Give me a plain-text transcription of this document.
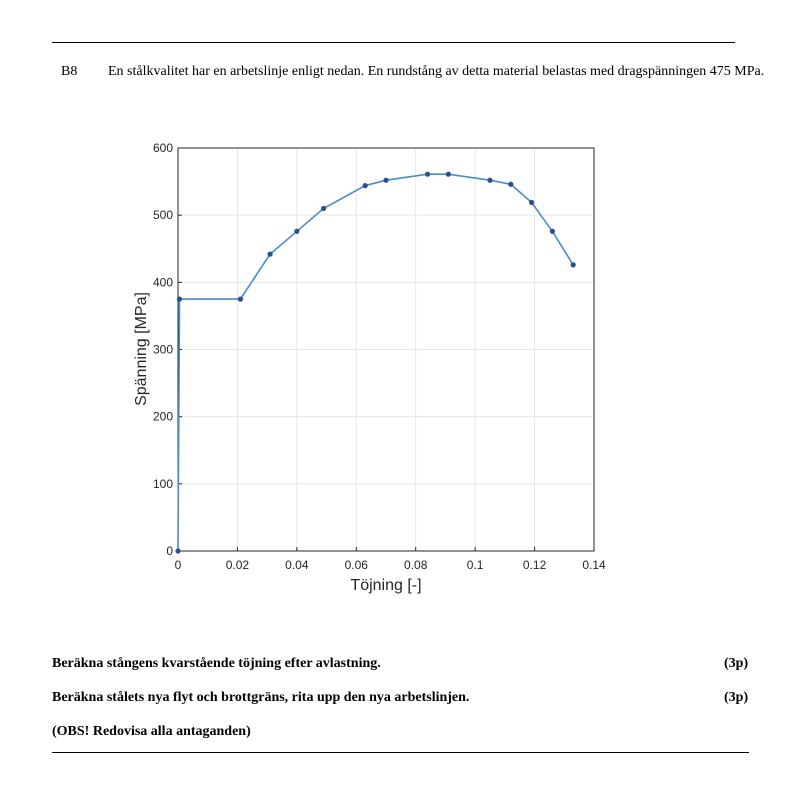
B8 En stålkvalitet har en arbetslinje enligt nedan. En rundstång av detta material belastas med dragspänningen 475 MPa.
0	0.02	0.04	0.06	0.08	0.1	0.12	0.14
0
100
200
300
400
500
600
Töjning [-]
Spänning [MPa]
Beräkna stångens kvarstående töjning efter avlastning.	(3p)
Beräkna stålets nya flyt och brottgräns, rita upp den nya arbetslinjen.	(3p)
(OBS! Redovisa alla antaganden)
